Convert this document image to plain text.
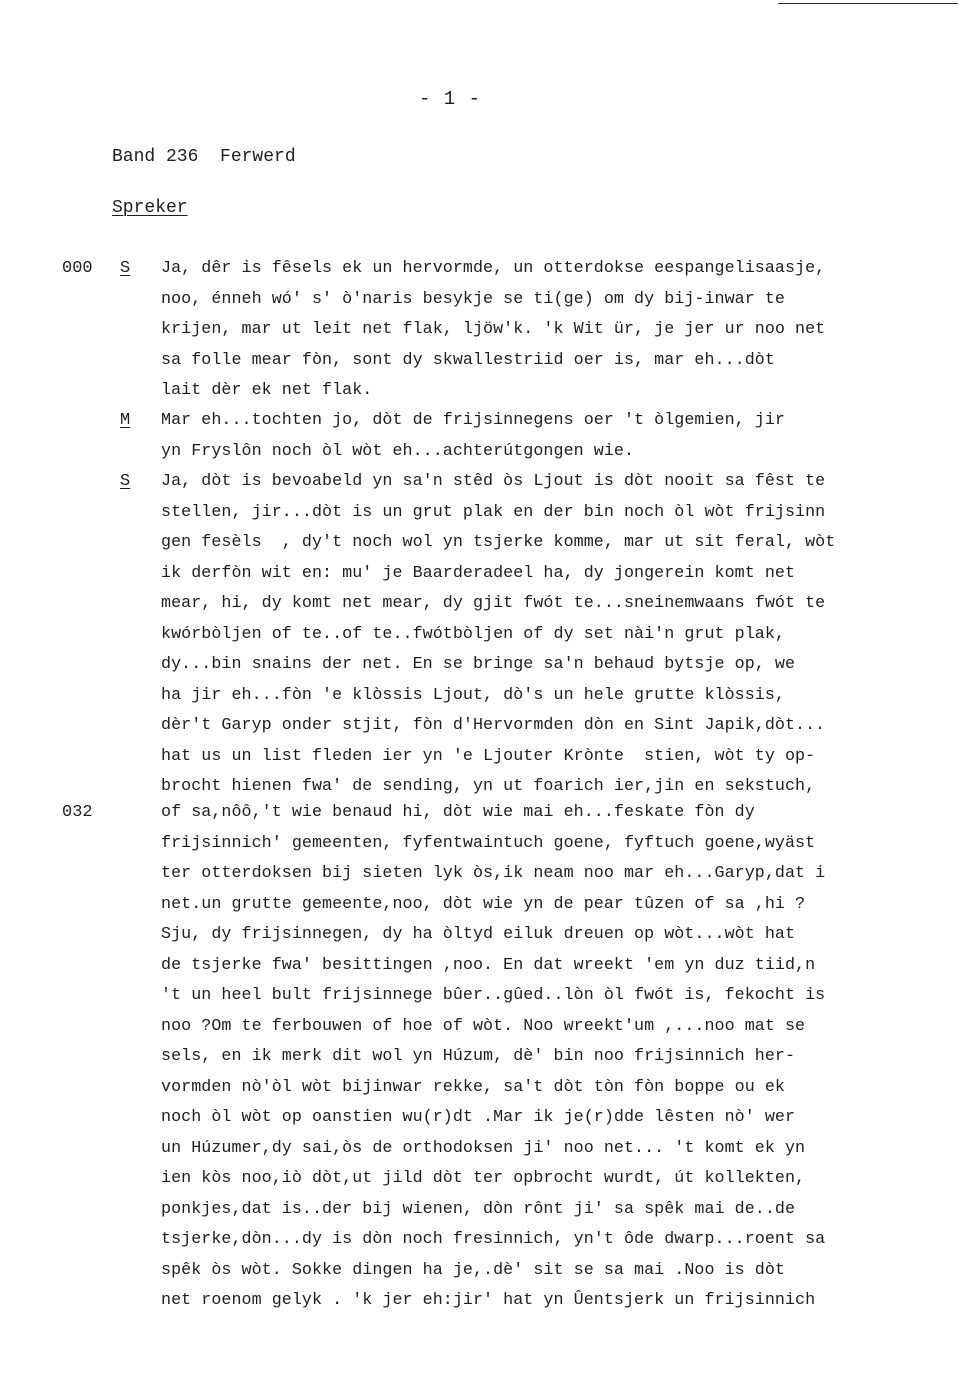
- 1 -
Band 236 Ferwerd
Spreker
000 S Ja, dêr is fêsels ek un hervormde, un otterdokse eespangelisaasje,
noo, énneh wó' s' ò'naris besykje se ti(ge) om dy bij-inwar te
krijen, mar ut leit net flak, ljöw'k. 'k Wit ür, je jer ur noo net
sa folle mear fòn, sont dy skwallestriid oer is, mar eh...dòt
lait dèr ek net flak.
M Mar eh...tochten jo, dòt de frijsinnegens oer 't òlgemien, jir
yn Fryslôn noch òl wòt eh...achterútgongen wie.
S Ja, dòt is bevoabeld yn sa'n stêd òs Ljout is dòt nooit sa fêst te
stellen, jir...dòt is un grut plak en der bin noch òl wòt frijsinn
gen fesèls  , dy't noch wol yn tsjerke komme, mar ut sit feral, wòt
ik derfòn wit en: mu' je Baarderadeel ha, dy jongerein komt net
mear, hi, dy komt net mear, dy gjit fwót te...sneinemwaans fwót te
kwórbòljen of te..of te..fwótbòljen of dy set nài'n grut plak,
dy...bin snains der net. En se bringe sa'n behaud bytsje op, we
ha jir eh...fòn 'e klòssis Ljout, dò's un hele grutte klòssis,
dèr't Garyp onder stjit, fòn d'Hervormden dòn en Sint Japik,dòt...
hat us un list fleden ier yn 'e Ljouter Krònte  stien, wòt ty op-
brocht hienen fwa' de sending, yn ut foarich ier,jin en sekstuch,
032	of sa,nôô,'t wie benaud hi, dòt wie mai eh...feskate fòn dy
frijsinnich' gemeenten, fyfentwaintuch goene, fyftuch goene,wyäst
ter otterdoksen bij sieten lyk òs,ik neam noo mar eh...Garyp,dat i
net.un grutte gemeente,noo, dòt wie yn de pear tûzen of sa ,hi ?
Sju, dy frijsinnegen, dy ha òltyd eiluk dreuen op wòt...wòt hat
de tsjerke fwa' besittingen ,noo. En dat wreekt 'em yn duz tiid,n
't un heel bult frijsinnege bûer..gûed..lòn òl fwót is, fekocht is
noo ?Om te ferbouwen of hoe of wòt. Noo wreekt'um ,...noo mat se
sels, en ik merk dit wol yn Húzum, dè' bin noo frijsinnich her-
vormden nò'òl wòt bijinwar rekke, sa't dòt tòn fòn boppe ou ek
noch òl wòt op oanstien wu(r)dt .Mar ik je(r)dde lêsten nò' wer
un Húzumer,dy sai,òs de orthodoksen ji' noo net... 't komt ek yn
ien kòs noo,iò dòt,ut jild dòt ter opbrocht wurdt, út kollekten,
ponkjes,dat is..der bij wienen, dòn rônt ji' sa spêk mai de..de
tsjerke,dòn...dy is dòn noch fresinnich, yn't ôde dwarp...roent sa
spêk òs wòt. Sokke dingen ha je,.dè' sit se sa mai .Noo is dòt
net roenom gelyk . 'k jer eh:jir' hat yn Ûentsjerk un frijsinnich
